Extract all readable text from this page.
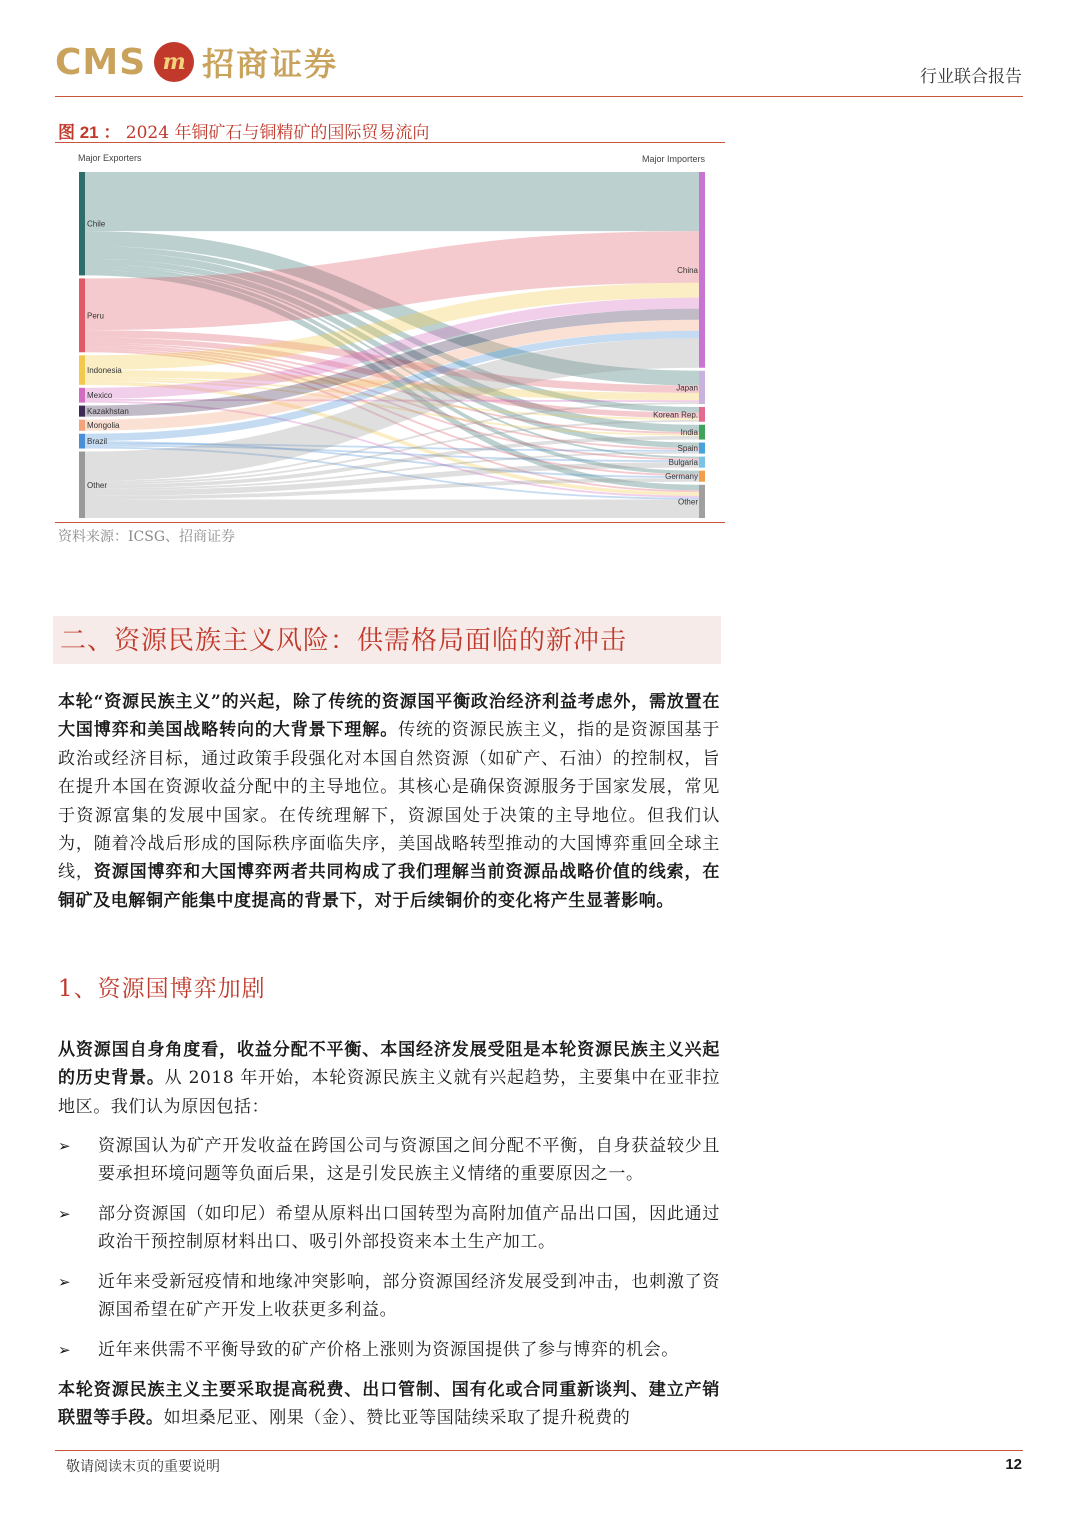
CMS m 招商证券	行业联合报告
图 21 ： 2024 年铜矿石与铜精矿的国际贸易流向
Major Exporters	Major Importers
Chile
Peru
Indonesia
Mexico
Kazakhstan
Mongolia
Brazil
Other
China
Japan
Korean Rep.
India
Spain
Bulgaria
Germany
Other
资料来源：ICSG、招商证券
二、资源民族主义风险：供需格局面临的新冲击
本轮“资源民族主义”的兴起，除了传统的资源国平衡政治经济利益考虑外，需放置在大国博弈和美国战略转向的大背景下理解。传统的资源民族主义，指的是资源国基于政治或经济目标，通过政策手段强化对本国自然资源（如矿产、石油）的控制权，旨在提升本国在资源收益分配中的主导地位。其核心是确保资源服务于国家发展，常见于资源富集的发展中国家。在传统理解下，资源国处于决策的主导地位。但我们认为，随着冷战后形成的国际秩序面临失序，美国战略转型推动的大国博弈重回全球主线，资源国博弈和大国博弈两者共同构成了我们理解当前资源品战略价值的线索，在铜矿及电解铜产能集中度提高的背景下，对于后续铜价的变化将产生显著影响。
1、资源国博弈加剧
从资源国自身角度看，收益分配不平衡、本国经济发展受阻是本轮资源民族主义兴起的历史背景。从 2018 年开始，本轮资源民族主义就有兴起趋势，主要集中在亚非拉地区。我们认为原因包括：
➢ 资源国认为矿产开发收益在跨国公司与资源国之间分配不平衡，自身获益较少且要承担环境问题等负面后果，这是引发民族主义情绪的重要原因之一。
➢ 部分资源国（如印尼）希望从原料出口国转型为高附加值产品出口国，因此通过政治干预控制原材料出口、吸引外部投资来本土生产加工。
➢ 近年来受新冠疫情和地缘冲突影响，部分资源国经济发展受到冲击，也刺激了资源国希望在矿产开发上收获更多利益。
➢ 近年来供需不平衡导致的矿产价格上涨则为资源国提供了参与博弈的机会。
本轮资源民族主义主要采取提高税费、出口管制、国有化或合同重新谈判、建立产销联盟等手段。如坦桑尼亚、刚果（金）、赞比亚等国陆续采取了提升税费的
敬请阅读末页的重要说明	12
